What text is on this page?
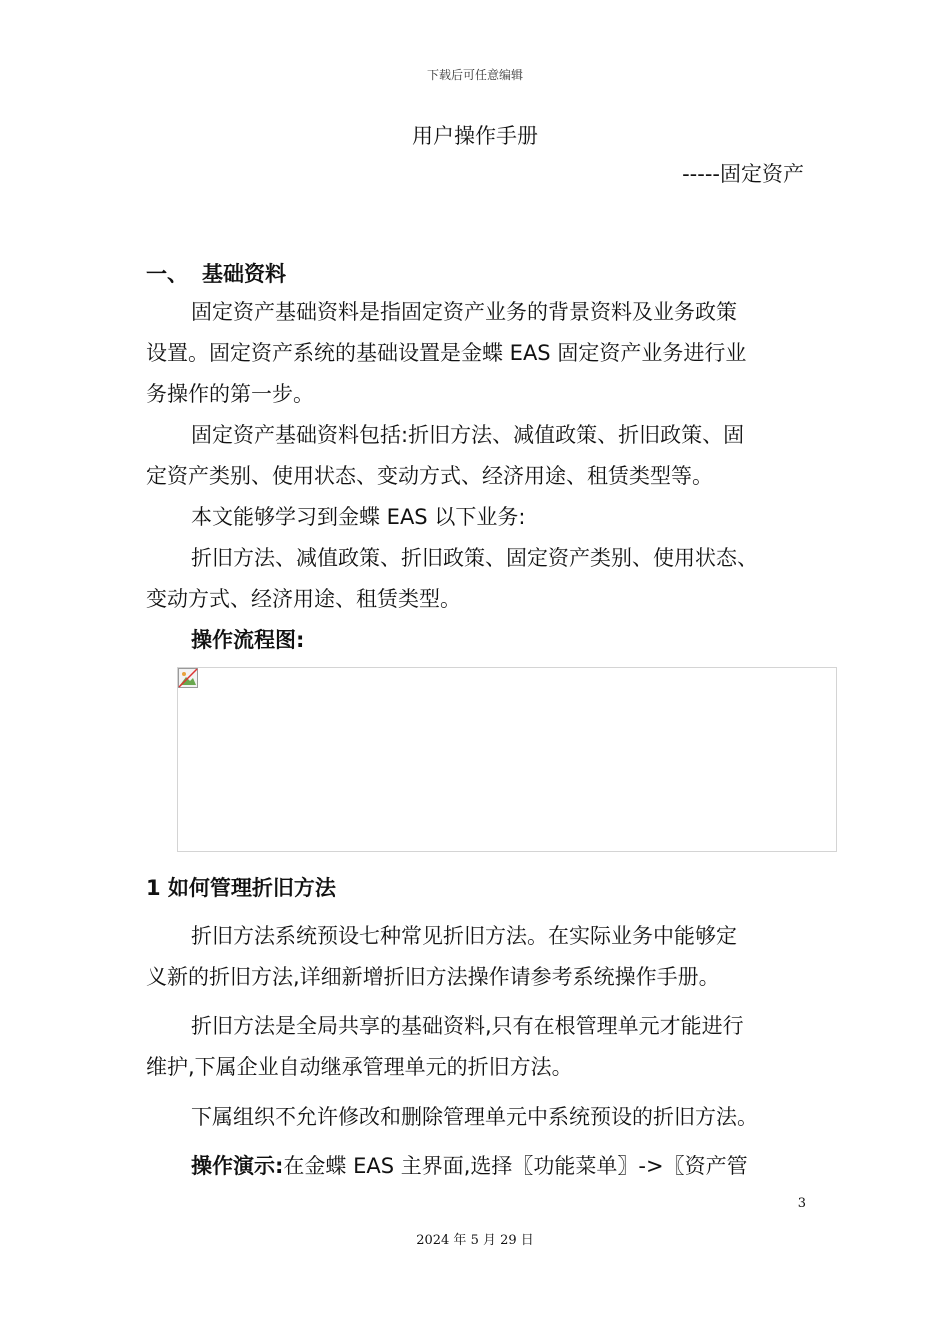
下载后可任意编辑
用户操作手册
-----固定资产
一、 基础资料
固定资产基础资料是指固定资产业务的背景资料及业务政策
设置。固定资产系统的基础设置是金蝶 EAS 固定资产业务进行业
务操作的第一步。
固定资产基础资料包括:折旧方法、减值政策、折旧政策、固
定资产类别、使用状态、变动方式、经济用途、租赁类型等。
本文能够学习到金蝶 EAS 以下业务:
折旧方法、减值政策、折旧政策、固定资产类别、使用状态、
变动方式、经济用途、租赁类型。
操作流程图:
1 如何管理折旧方法
折旧方法系统预设七种常见折旧方法。在实际业务中能够定
义新的折旧方法,详细新增折旧方法操作请参考系统操作手册。
折旧方法是全局共享的基础资料,只有在根管理单元才能进行
维护,下属企业自动继承管理单元的折旧方法。
下属组织不允许修改和删除管理单元中系统预设的折旧方法。
操作演示:在金蝶 EAS 主界面,选择〖功能菜单〗->〖资产管
3
2024 年 5 月 29 日
